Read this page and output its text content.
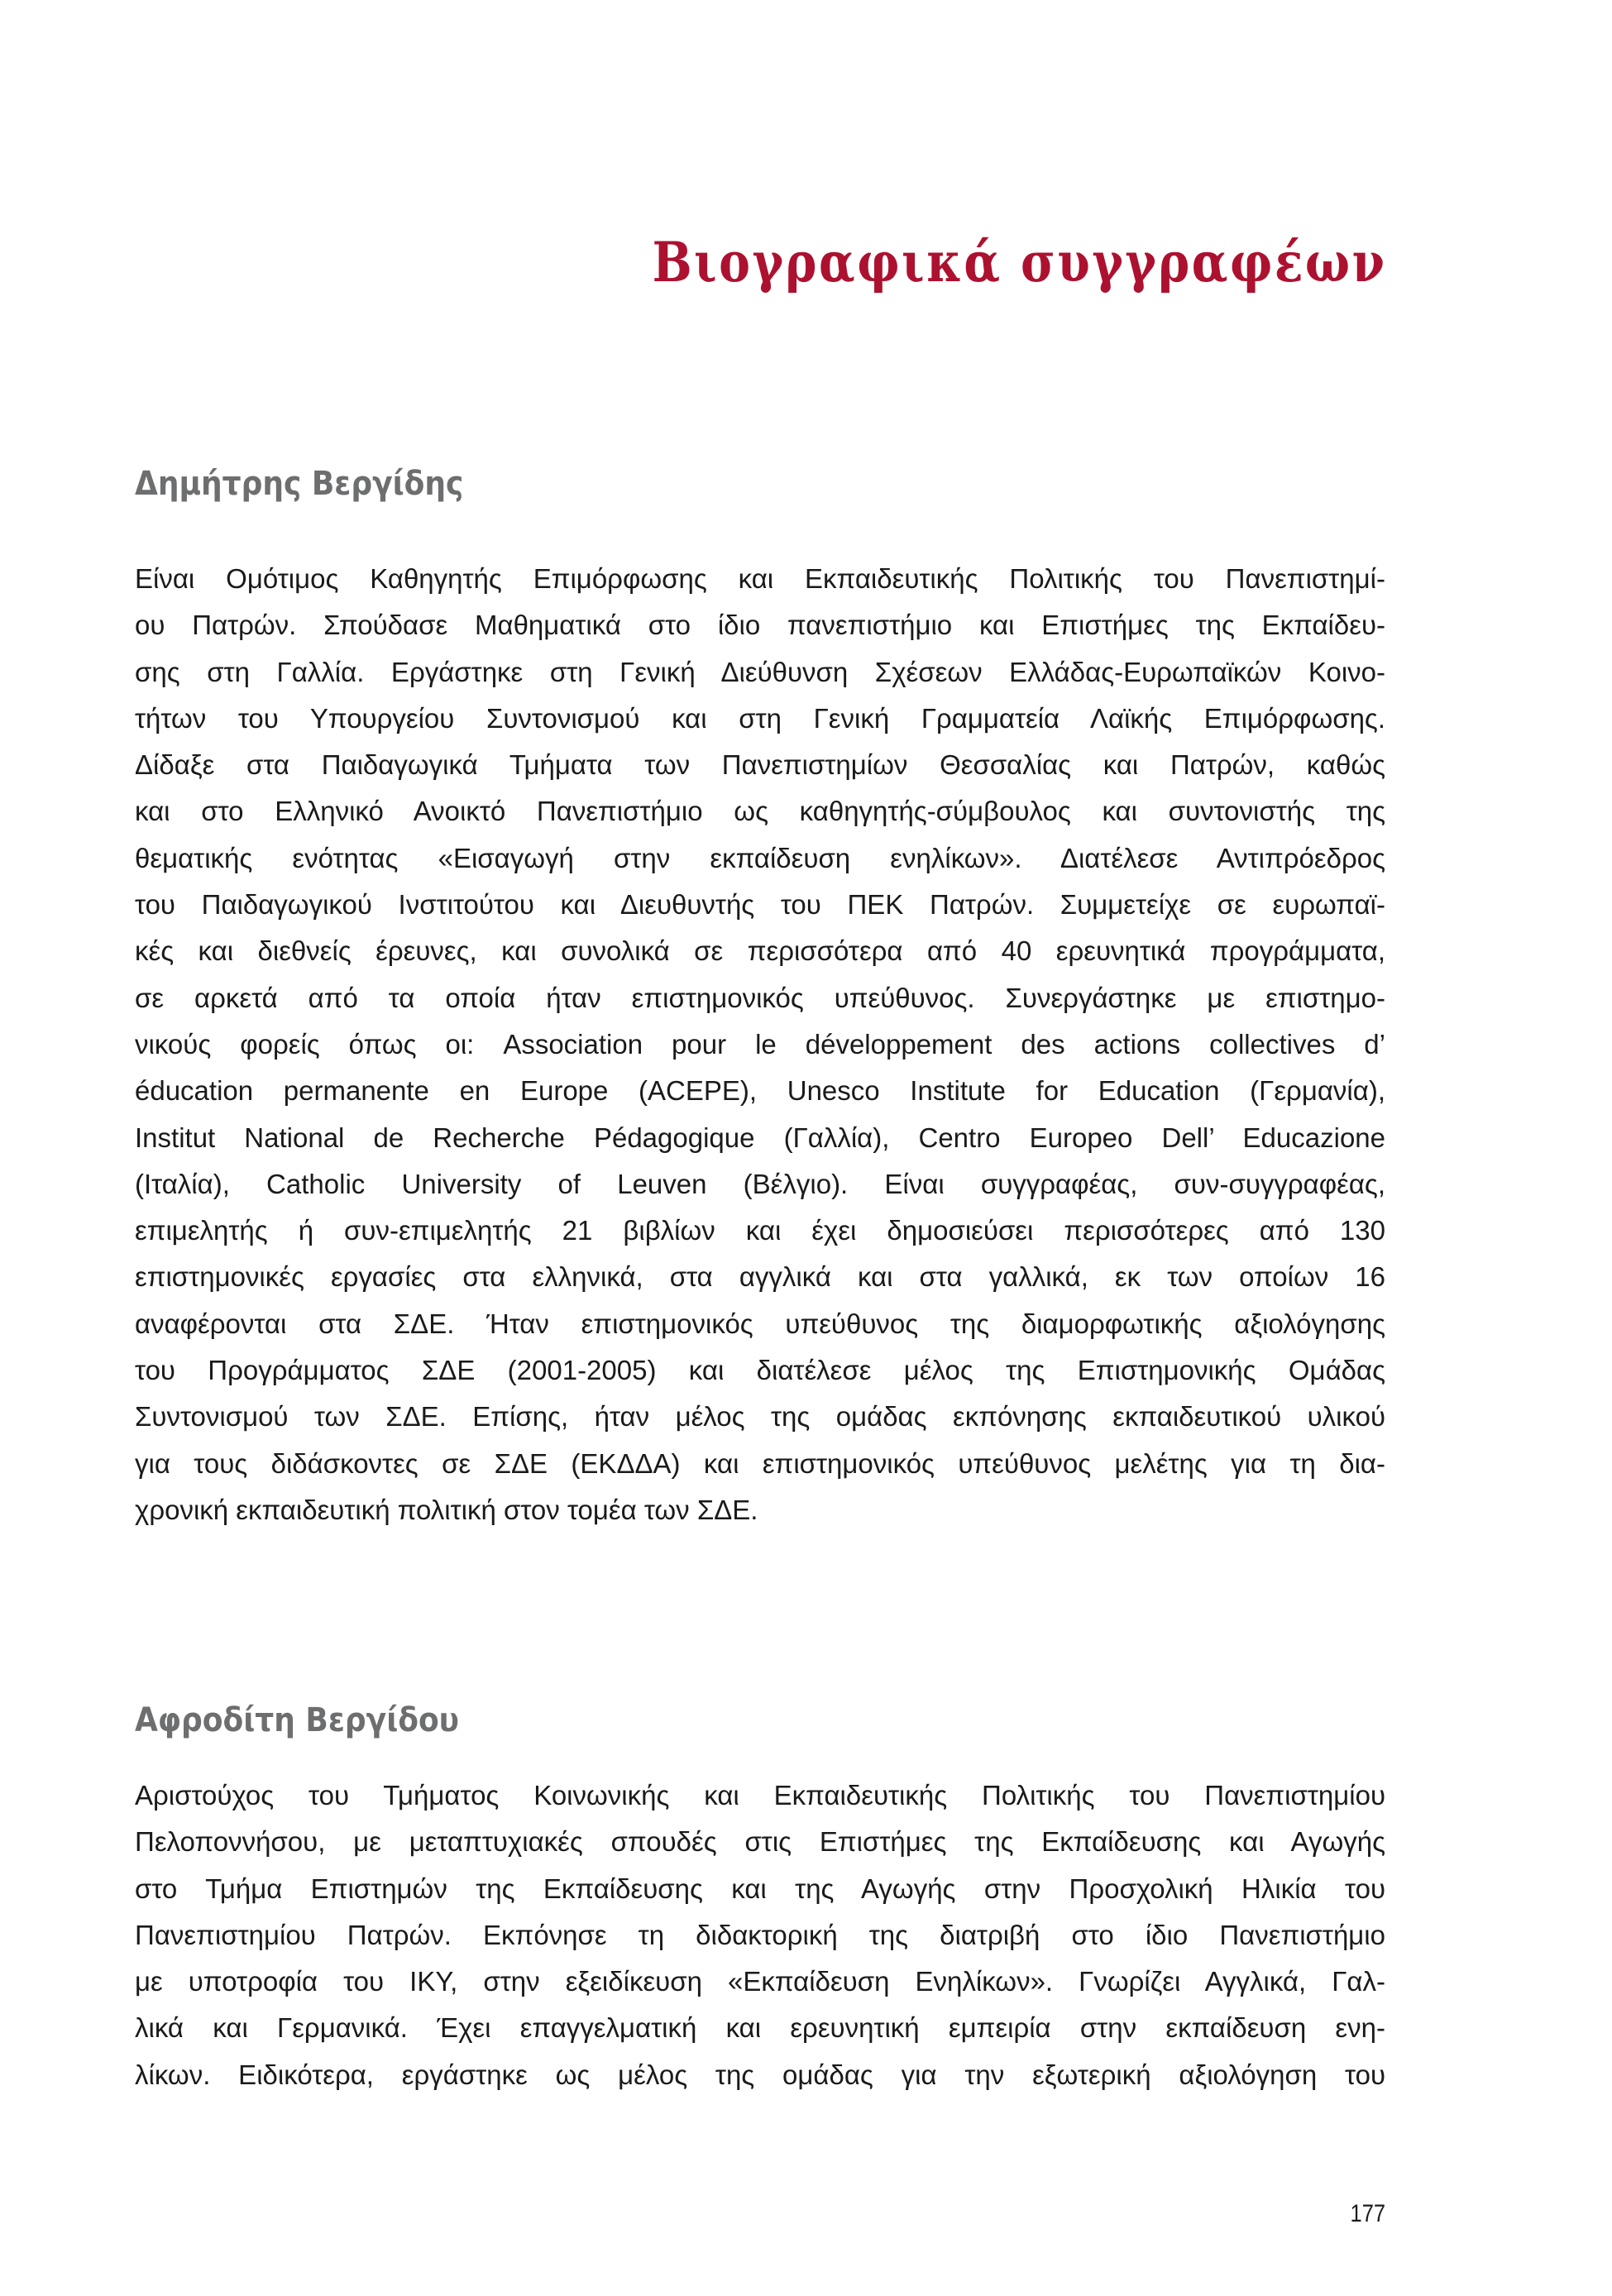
Βιογραφικά συγγραφέων
Δημήτρης Βεργίδης
Είναι Ομότιμος Καθηγητής Επιμόρφωσης και Εκπαιδευτικής Πολιτικής του Πανεπιστημί-
ου Πατρών. Σπούδασε Μαθηματικά στο ίδιο πανεπιστήμιο και Επιστήμες της Εκπαίδευ-
σης στη Γαλλία. Εργάστηκε στη Γενική Διεύθυνση Σχέσεων Ελλάδας-Ευρωπαϊκών Κοινο-
τήτων του Υπουργείου Συντονισμού και στη Γενική Γραμματεία Λαϊκής Επιμόρφωσης.
Δίδαξε στα Παιδαγωγικά Τμήματα των Πανεπιστημίων Θεσσαλίας και Πατρών, καθώς
και στο Ελληνικό Ανοικτό Πανεπιστήμιο ως καθηγητής-σύμβουλος και συντονιστής της
θεματικής ενότητας «Εισαγωγή στην εκπαίδευση ενηλίκων». Διατέλεσε Αντιπρόεδρος
του Παιδαγωγικού Ινστιτούτου και Διευθυντής του ΠΕΚ Πατρών. Συμμετείχε σε ευρωπαϊ-
κές και διεθνείς έρευνες, και συνολικά σε περισσότερα από 40 ερευνητικά προγράμματα,
σε αρκετά από τα οποία ήταν επιστημονικός υπεύθυνος. Συνεργάστηκε με επιστημο-
νικούς φορείς όπως οι: Association pour le développement des actions collectives d’
éducation permanente en Europe (ACEPE), Unesco Institute for Education (Γερμανία),
Institut National de Recherche Pédagogique (Γαλλία), Centro Europeo Dell’ Educazione
(Ιταλία), Catholic University of Leuven (Βέλγιο). Είναι συγγραφέας, συν-συγγραφέας,
επιμελητής ή συν-επιμελητής 21 βιβλίων και έχει δημοσιεύσει περισσότερες από 130
επιστημονικές εργασίες στα ελληνικά, στα αγγλικά και στα γαλλικά, εκ των οποίων 16
αναφέρονται στα ΣΔΕ. Ήταν επιστημονικός υπεύθυνος της διαμορφωτικής αξιολόγησης
του Προγράμματος ΣΔΕ (2001-2005) και διατέλεσε μέλος της Επιστημονικής Ομάδας
Συντονισμού των ΣΔΕ. Επίσης, ήταν μέλος της ομάδας εκπόνησης εκπαιδευτικού υλικού
για τους διδάσκοντες σε ΣΔΕ (ΕΚΔΔΑ) και επιστημονικός υπεύθυνος μελέτης για τη δια-
χρονική εκπαιδευτική πολιτική στον τομέα των ΣΔΕ.
Αφροδίτη Βεργίδου
Αριστούχος του Τμήματος Κοινωνικής και Εκπαιδευτικής Πολιτικής του Πανεπιστημίου
Πελοποννήσου, με μεταπτυχιακές σπουδές στις Επιστήμες της Εκπαίδευσης και Αγωγής
στο Τμήμα Επιστημών της Εκπαίδευσης και της Αγωγής στην Προσχολική Ηλικία του
Πανεπιστημίου Πατρών. Εκπόνησε τη διδακτορική της διατριβή στο ίδιο Πανεπιστήμιο
με υποτροφία του ΙΚΥ, στην εξειδίκευση «Εκπαίδευση Ενηλίκων». Γνωρίζει Αγγλικά, Γαλ-
λικά και Γερμανικά. Έχει επαγγελματική και ερευνητική εμπειρία στην εκπαίδευση ενη-
λίκων. Ειδικότερα, εργάστηκε ως μέλος της ομάδας για την εξωτερική αξιολόγηση του
177
